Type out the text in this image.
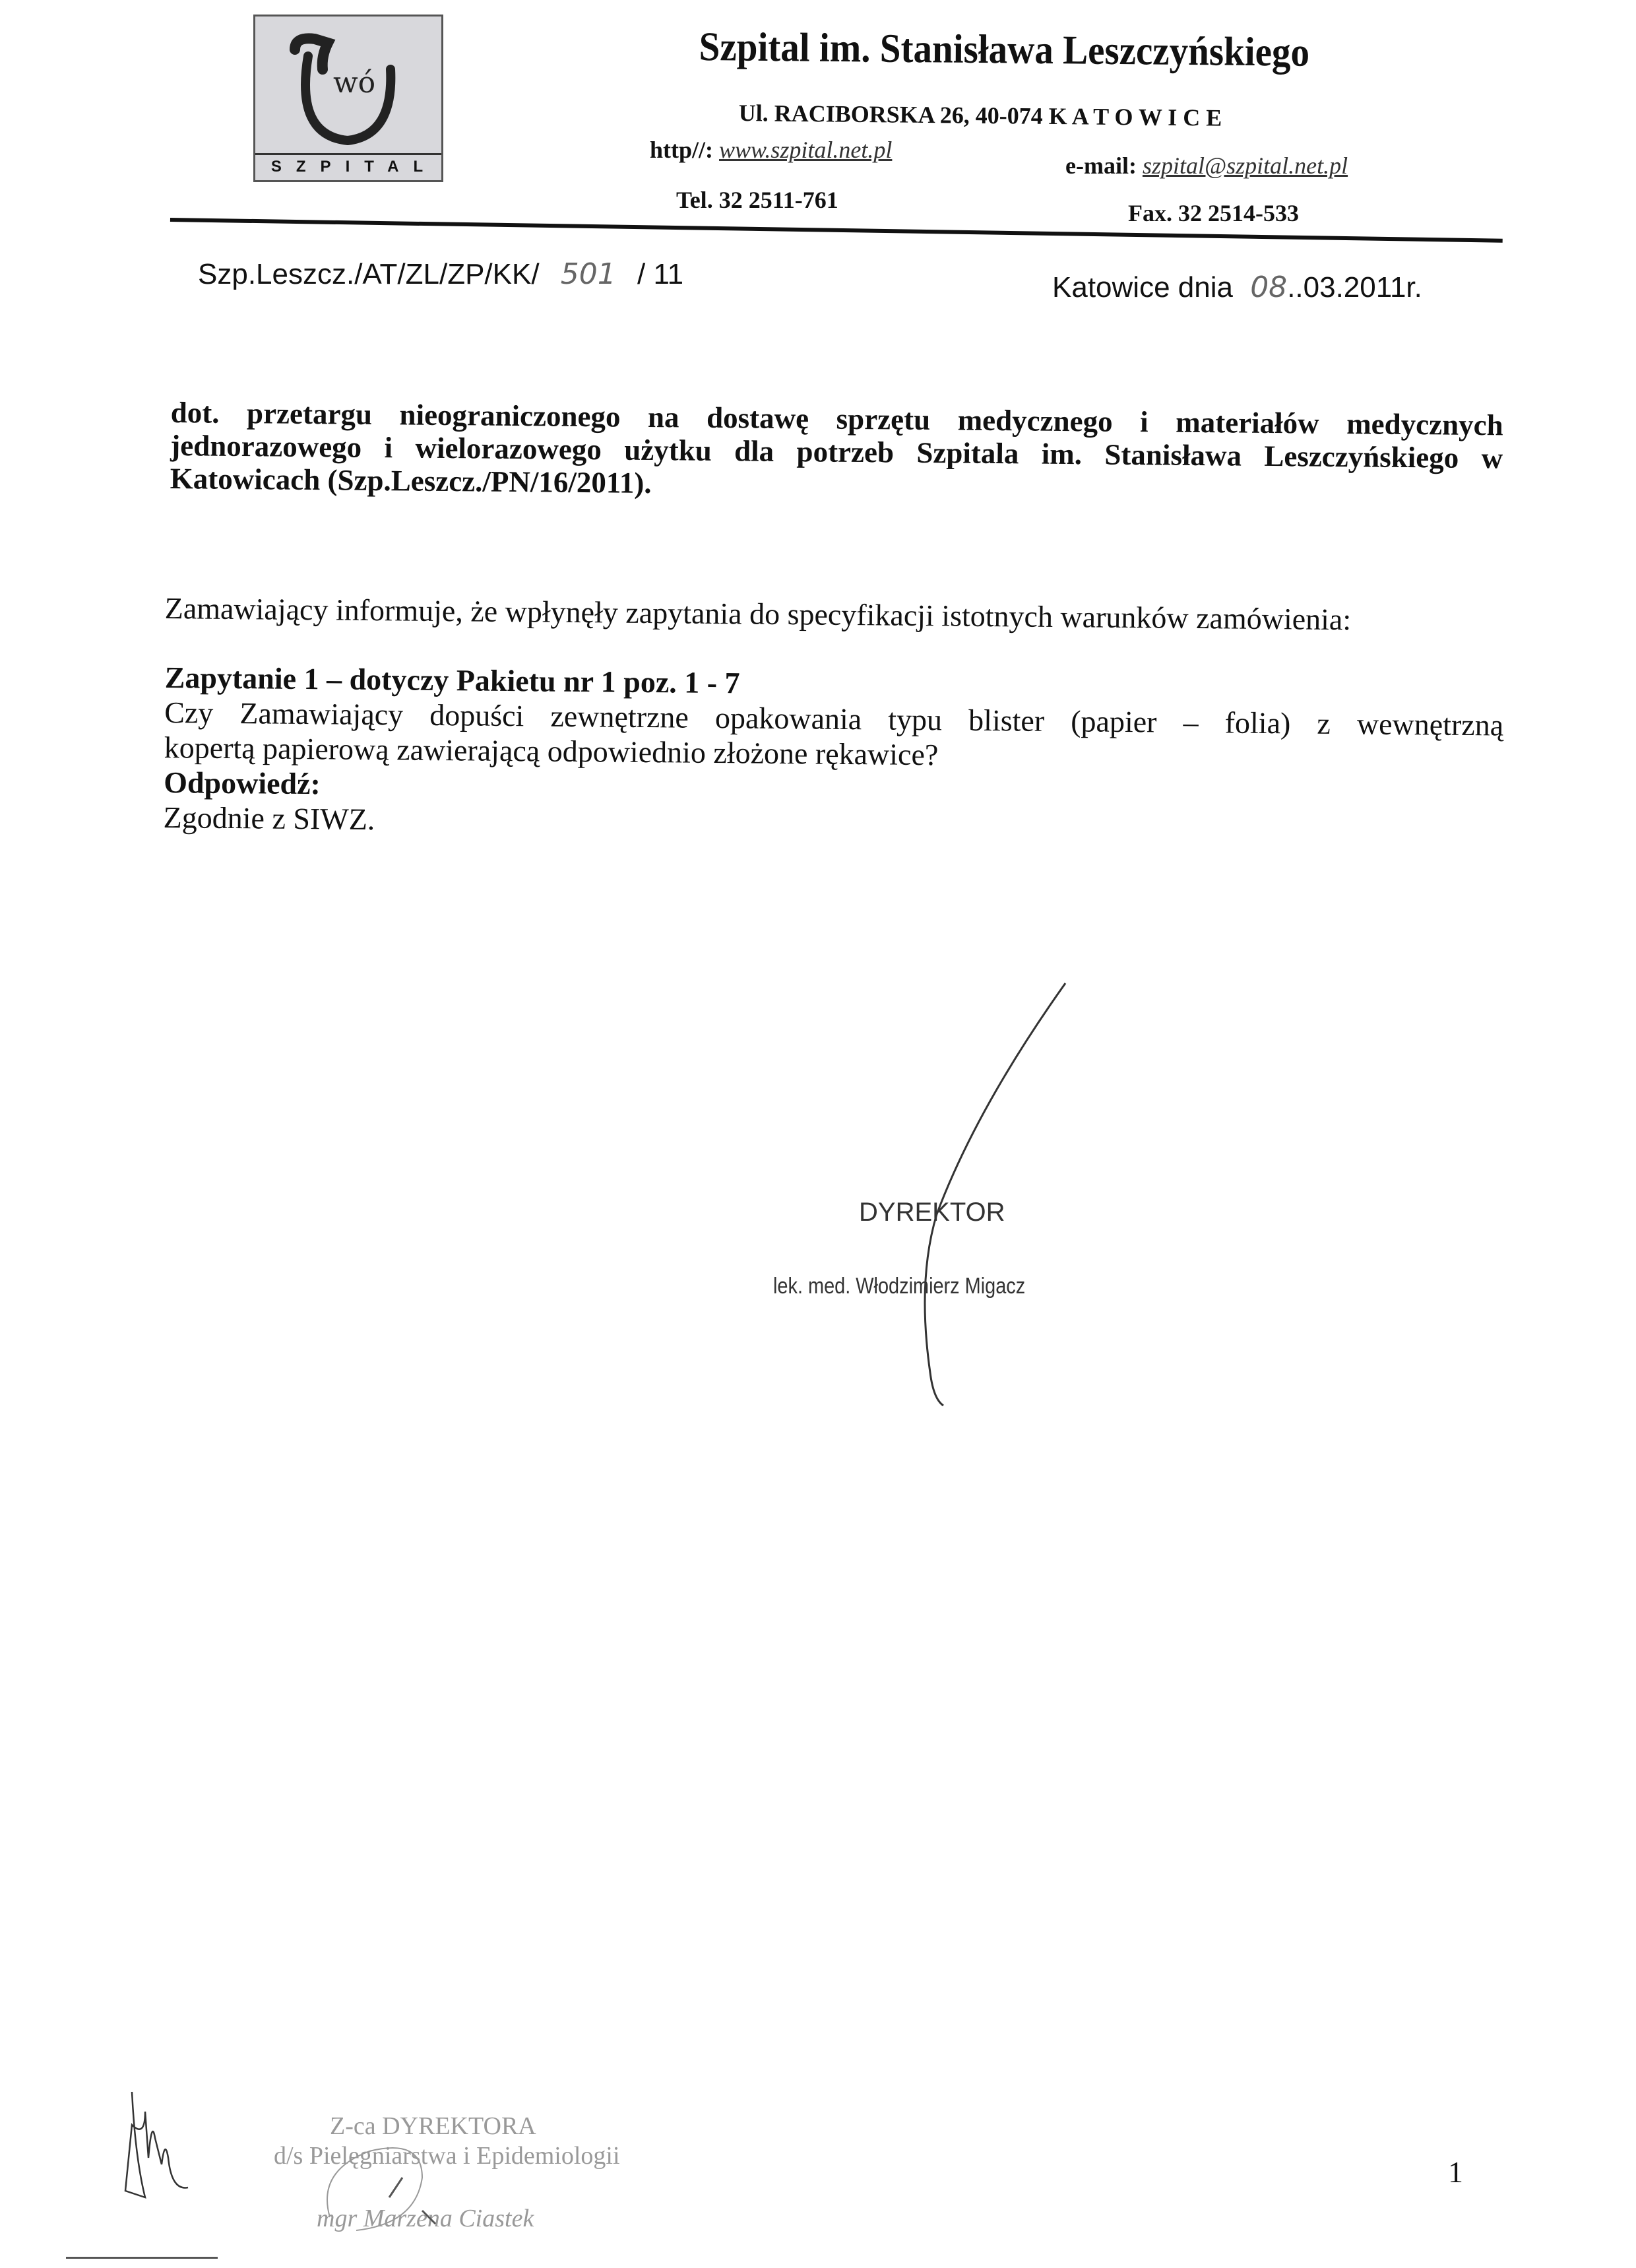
wó
SZPITAL
Szpital im. Stanisława Leszczyńskiego
Ul. RACIBORSKA 26, 40-074 K A T O W I C E
http//: www.szpital.net.pl
e-mail: szpital@szpital.net.pl
Tel. 32 2511-761	Fax. 32 2514-533
Szp.Leszcz./AT/ZL/ZP/KK/ 501 / 11	Katowice dnia 08..03.2011r.
dot. przetargu nieograniczonego na dostawę sprzętu medycznego i materiałów medycznych jednorazowego i wielorazowego użytku dla potrzeb Szpitala im. Stanisława Leszczyńskiego w Katowicach (Szp.Leszcz./PN/16/2011).
Zamawiający informuje, że wpłynęły zapytania do specyfikacji istotnych warunków zamówienia:
Zapytanie 1 – dotyczy Pakietu nr 1 poz. 1 - 7
Czy Zamawiający dopuści zewnętrzne opakowania typu blister (papier – folia) z wewnętrzną
kopertą papierową zawierającą odpowiednio złożone rękawice?
Odpowiedź:
Zgodnie z SIWZ.
DYREKTOR
lek. med. Włodzimierz Migacz
Z-ca DYREKTORA
d/s Pielęgniarstwa i Epidemiologii
mgr Marzena Ciastek
1
